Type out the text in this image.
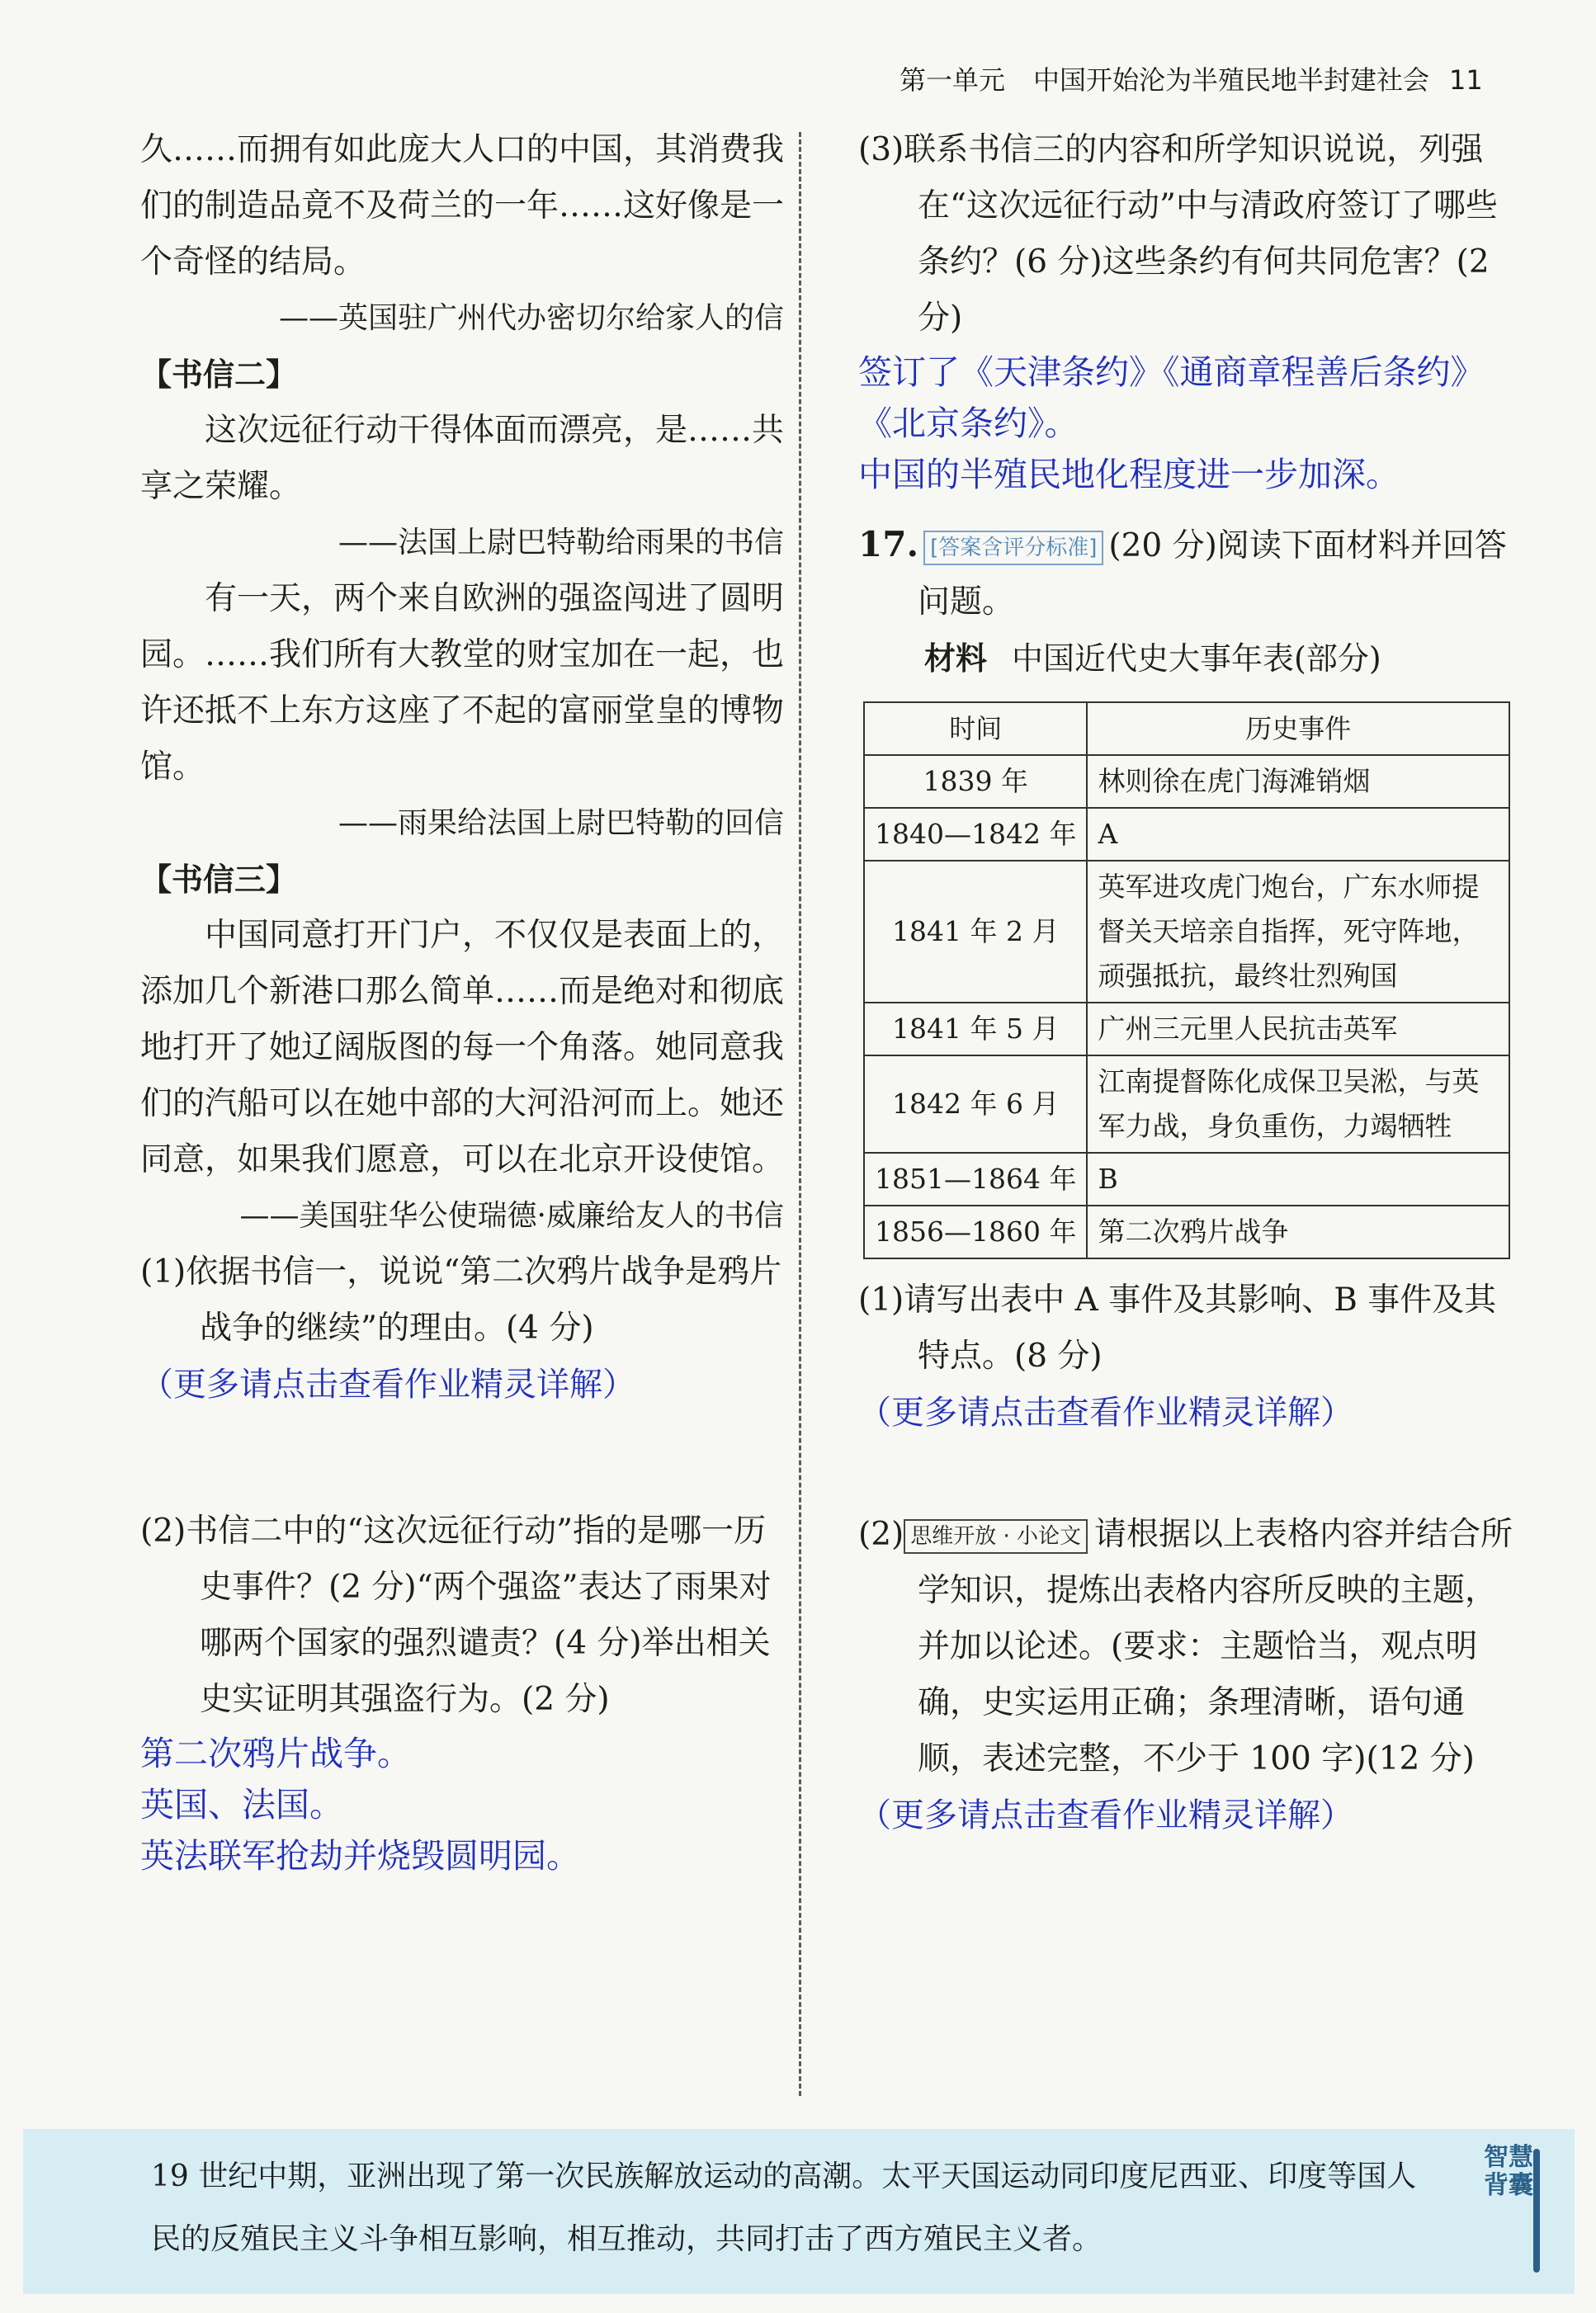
第一单元 中国开始沦为半殖民地半封建社会 11

久……而拥有如此庞大人口的中国，其消费我们的制造品竟不及荷兰的一年……这好像是一个奇怪的结局。

——英国驻广州代办密切尔给家人的信

【书信二】

这次远征行动干得体面而漂亮，是……共享之荣耀。

——法国上尉巴特勒给雨果的书信

有一天，两个来自欧洲的强盗闯进了圆明园。……我们所有大教堂的财宝加在一起，也许还抵不上东方这座了不起的富丽堂皇的博物馆。

——雨果给法国上尉巴特勒的回信

【书信三】

中国同意打开门户，不仅仅是表面上的，添加几个新港口那么简单……而是绝对和彻底地打开了她辽阔版图的每一个角落。她同意我们的汽船可以在她中部的大河沿河而上。她还同意，如果我们愿意，可以在北京开设使馆。

——美国驻华公使瑞德·威廉给友人的书信

(1)依据书信一，说说“第二次鸦片战争是鸦片战争的继续”的理由。(4 分)

（更多请点击查看作业精灵详解）

(2)书信二中的“这次远征行动”指的是哪一历史事件？(2 分)“两个强盗”表达了雨果对哪两个国家的强烈谴责？(4 分)举出相关史实证明其强盗行为。(2 分)

第二次鸦片战争。

英国、法国。

英法联军抢劫并烧毁圆明园。

(3)联系书信三的内容和所学知识说说，列强在“这次远征行动”中与清政府签订了哪些条约？(6 分)这些条约有何共同危害？(2 分)

签订了《天津条约》《通商章程善后条约》《北京条约》。

中国的半殖民地化程度进一步加深。

17. [答案含评分标准] (20 分)阅读下面材料并回答问题。

材料 中国近代史大事年表(部分)

时间	历史事件
1839 年	林则徐在虎门海滩销烟
1840—1842 年	A
1841 年 2 月	英军进攻虎门炮台，广东水师提督关天培亲自指挥，死守阵地，顽强抵抗，最终壮烈殉国
1841 年 5 月	广州三元里人民抗击英军
1842 年 6 月	江南提督陈化成保卫吴淞，与英军力战，身负重伤，力竭牺牲
1851—1864 年	B
1856—1860 年	第二次鸦片战争

(1)请写出表中 A 事件及其影响、B 事件及其特点。(8 分)

（更多请点击查看作业精灵详解）

(2) 思维开放 · 小论文 请根据以上表格内容并结合所学知识，提炼出表格内容所反映的主题，并加以论述。(要求：主题恰当，观点明确，史实运用正确；条理清晰，语句通顺，表述完整，不少于 100 字)(12 分)

（更多请点击查看作业精灵详解）

19 世纪中期，亚洲出现了第一次民族解放运动的高潮。太平天国运动同印度尼西亚、印度等国人民的反殖民主义斗争相互影响，相互推动，共同打击了西方殖民主义者。
智慧背囊
